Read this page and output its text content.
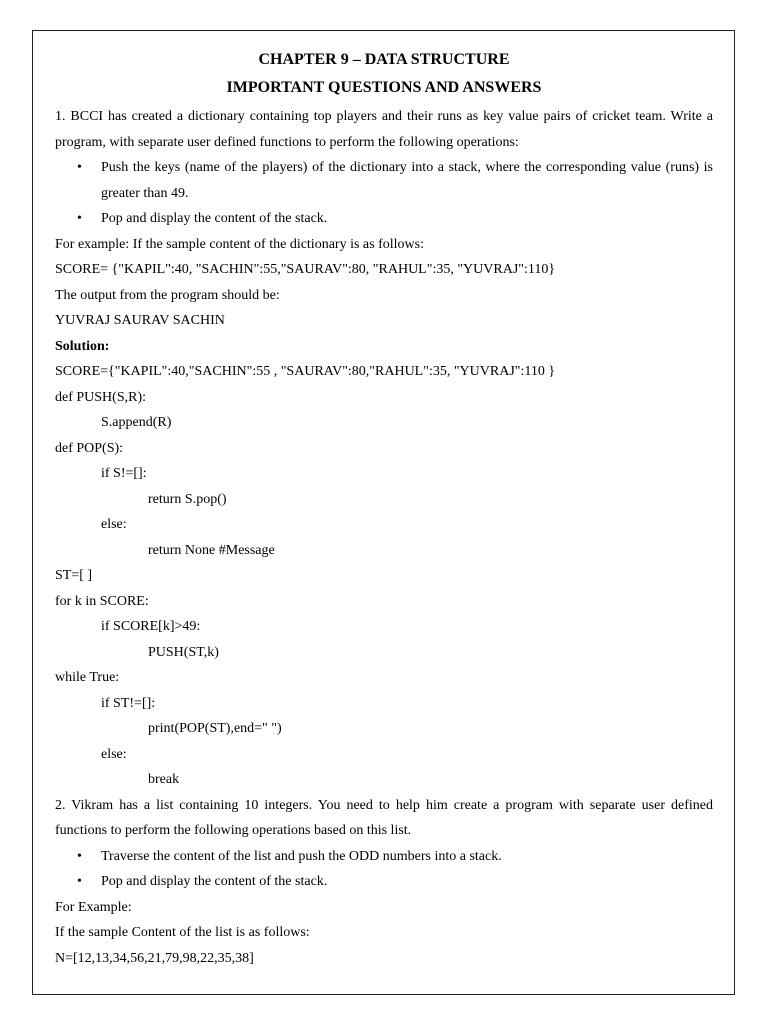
CHAPTER 9 – DATA STRUCTURE
IMPORTANT QUESTIONS AND ANSWERS

1. BCCI has created a dictionary containing top players and their runs as key value pairs of cricket team. Write a program, with separate user defined functions to perform the following operations:

• Push the keys (name of the players) of the dictionary into a stack, where the corresponding value (runs) is greater than 49.
• Pop and display the content of the stack.

For example: If the sample content of the dictionary is as follows:

SCORE= {"KAPIL":40, "SACHIN":55,"SAURAV":80, "RAHUL":35, "YUVRAJ":110}

The output from the program should be:

YUVRAJ SAURAV SACHIN

Solution:

SCORE={"KAPIL":40,"SACHIN":55 , "SAURAV":80,"RAHUL":35, "YUVRAJ":110 }

def PUSH(S,R):

S.append(R)

def POP(S):

if S!=[]:

return S.pop()

else:

return None #Message

ST=[ ]

for k in SCORE:

if SCORE[k]>49:

PUSH(ST,k)

while True:

if ST!=[]:

print(POP(ST),end=" ")

else:

break

2. Vikram has a list containing 10 integers. You need to help him create a program with separate user defined functions to perform the following operations based on this list.

• Traverse the content of the list and push the ODD numbers into a stack.
• Pop and display the content of the stack.

For Example:

If the sample Content of the list is as follows:

N=[12,13,34,56,21,79,98,22,35,38]
